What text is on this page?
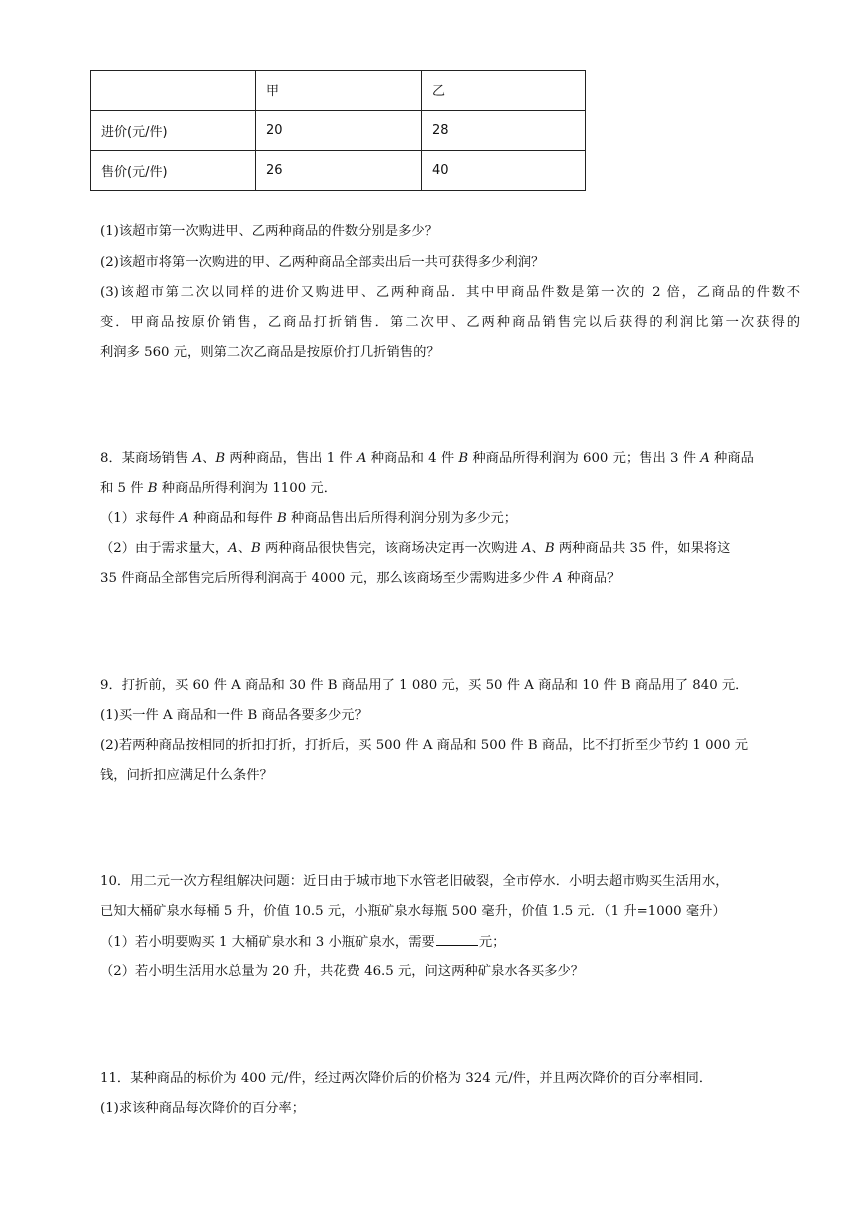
	甲	乙
进价(元/件)	20	28
售价(元/件)	26	40
(1)该超市第一次购进甲、乙两种商品的件数分别是多少？
(2)该超市将第一次购进的甲、乙两种商品全部卖出后一共可获得多少利润？
(3)该超市第二次以同样的进价又购进甲、乙两种商品．其中甲商品件数是第一次的 2 倍，乙商品的件数不
变．甲商品按原价销售，乙商品打折销售．第二次甲、乙两种商品销售完以后获得的利润比第一次获得的
利润多 560 元，则第二次乙商品是按原价打几折销售的？
8．某商场销售 A、B 两种商品，售出 1 件 A 种商品和 4 件 B 种商品所得利润为 600 元；售出 3 件 A 种商品
和 5 件 B 种商品所得利润为 1100 元．
（1）求每件 A 种商品和每件 B 种商品售出后所得利润分别为多少元；
（2）由于需求量大，A、B 两种商品很快售完，该商场决定再一次购进 A、B 两种商品共 35 件，如果将这
35 件商品全部售完后所得利润高于 4000 元，那么该商场至少需购进多少件 A 种商品？
9．打折前，买 60 件 A 商品和 30 件 B 商品用了 1 080 元，买 50 件 A 商品和 10 件 B 商品用了 840 元．
(1)买一件 A 商品和一件 B 商品各要多少元？
(2)若两种商品按相同的折扣打折，打折后，买 500 件 A 商品和 500 件 B 商品，比不打折至少节约 1 000 元
钱，问折扣应满足什么条件？
10．用二元一次方程组解决问题：近日由于城市地下水管老旧破裂，全市停水．小明去超市购买生活用水，
已知大桶矿泉水每桶 5 升，价值 10.5 元，小瓶矿泉水每瓶 500 毫升，价值 1.5 元．（1 升=1000 毫升）
（1）若小明要购买 1 大桶矿泉水和 3 小瓶矿泉水，需要	元；
（2）若小明生活用水总量为 20 升，共花费 46.5 元，问这两种矿泉水各买多少？
11．某种商品的标价为 400 元/件，经过两次降价后的价格为 324 元/件，并且两次降价的百分率相同．
(1)求该种商品每次降价的百分率；
